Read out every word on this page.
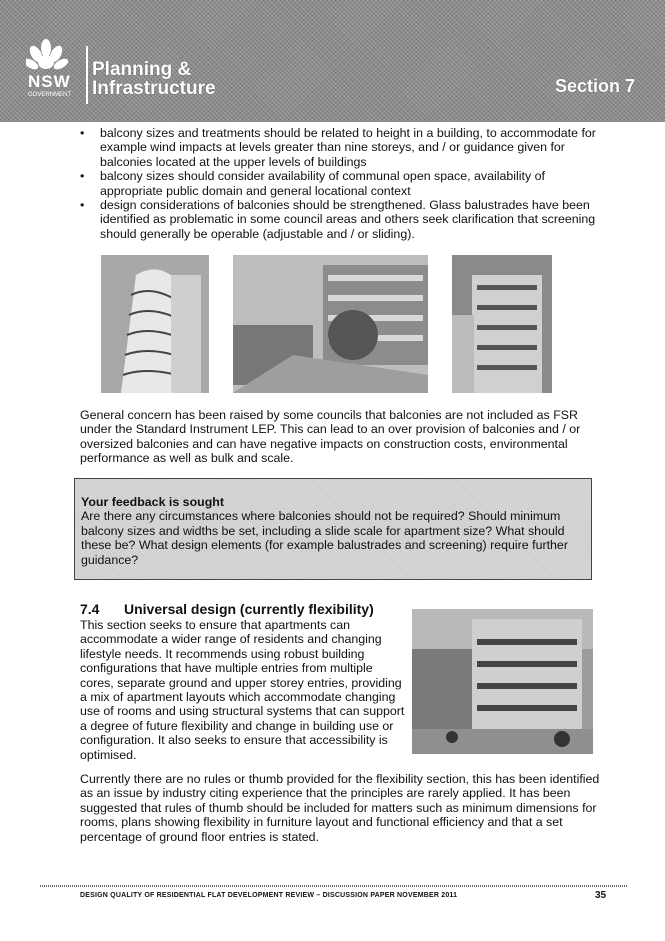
NSW
GOVERNMENT
Planning &
Infrastructure	Section 7
• balcony sizes and treatments should be related to height in a building, to accommodate for example wind impacts at levels greater than nine storeys, and / or guidance given for balconies located at the upper levels of buildings
• balcony sizes should consider availability of communal open space, availability of appropriate public domain and general locational context
• design considerations of balconies should be strengthened. Glass balustrades have been identified as problematic in some council areas and others seek clarification that screening should generally be operable (adjustable and / or sliding).

General concern has been raised by some councils that balconies are not included as FSR under the Standard Instrument LEP. This can lead to an over provision of balconies and / or oversized balconies and can have negative impacts on construction costs, environmental performance as well as bulk and scale.

Your feedback is sought
Are there any circumstances where balconies should not be required? Should minimum balcony sizes and widths be set, including a slide scale for apartment size? What should these be? What design elements (for example balustrades and screening) require further guidance?
7.4 Universal design (currently flexibility)

This section seeks to ensure that apartments can accommodate a wider range of residents and changing lifestyle needs. It recommends using robust building configurations that have multiple entries from multiple cores, separate ground and upper storey entries, providing a mix of apartment layouts which accommodate changing use of rooms and using structural systems that can support a degree of future flexibility and change in building use or configuration. It also seeks to ensure that accessibility is optimised.

Currently there are no rules or thumb provided for the flexibility section, this has been identified as an issue by industry citing experience that the principles are rarely applied. It has been suggested that rules of thumb should be included for matters such as minimum dimensions for rooms, plans showing flexibility in furniture layout and functional efficiency and that a set percentage of ground floor entries is stated.

DESIGN QUALITY OF RESIDENTIAL FLAT DEVELOPMENT REVIEW – DISCUSSION PAPER NOVEMBER 2011	35
